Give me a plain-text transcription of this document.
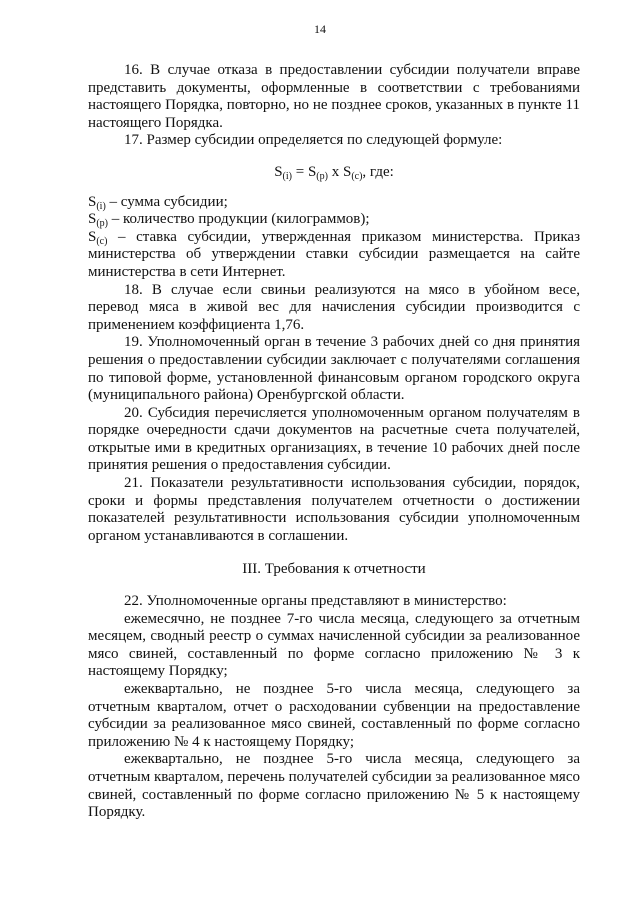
14

16. В случае отказа в предоставлении субсидии получатели вправе представить документы, оформленные в соответствии с требованиями настоящего Порядка, повторно, но не позднее сроков, указанных в пункте 11 настоящего Порядка.

17. Размер субсидии определяется по следующей формуле:

$S_{(i)} = S_{(p)}$ x $S_{(c)}$, где:

$S_{(i)}$ – сумма субсидии;

$S_{(p)}$ – количество продукции (килограммов);

$S_{(c)}$ – ставка субсидии, утвержденная приказом министерства. Приказ министерства об утверждении ставки субсидии размещается на сайте министерства в сети Интернет.

18. В случае если свиньи реализуются на мясо в убойном весе, перевод мяса в живой вес для начисления субсидии производится с применением коэффициента 1,76.

19. Уполномоченный орган в течение 3 рабочих дней со дня принятия решения о предоставлении субсидии заключает с получателями соглашения по типовой форме, установленной финансовым органом городского округа (муниципального района) Оренбургской области.

20. Субсидия перечисляется уполномоченным органом получателям в порядке очередности сдачи документов на расчетные счета получателей, открытые ими в кредитных организациях, в течение 10 рабочих дней после принятия решения о предоставления субсидии.

21. Показатели результативности использования субсидии, порядок, сроки и формы представления получателем отчетности о достижении показателей результативности использования субсидии уполномоченным органом устанавливаются в соглашении.

III. Требования к отчетности

22. Уполномоченные органы представляют в министерство:

ежемесячно, не позднее 7-го числа месяца, следующего за отчетным месяцем, сводный реестр о суммах начисленной субсидии за реализованное мясо свиней, составленный по форме согласно приложению № 3 к настоящему Порядку;

ежеквартально, не позднее 5-го числа месяца, следующего за отчетным кварталом, отчет о расходовании субвенции на предоставление субсидии за реализованное мясо свиней, составленный по форме согласно приложению № 4 к настоящему Порядку;

ежеквартально, не позднее 5-го числа месяца, следующего за отчетным кварталом, перечень получателей субсидии за реализованное мясо свиней, составленный по форме согласно приложению № 5 к настоящему Порядку.
